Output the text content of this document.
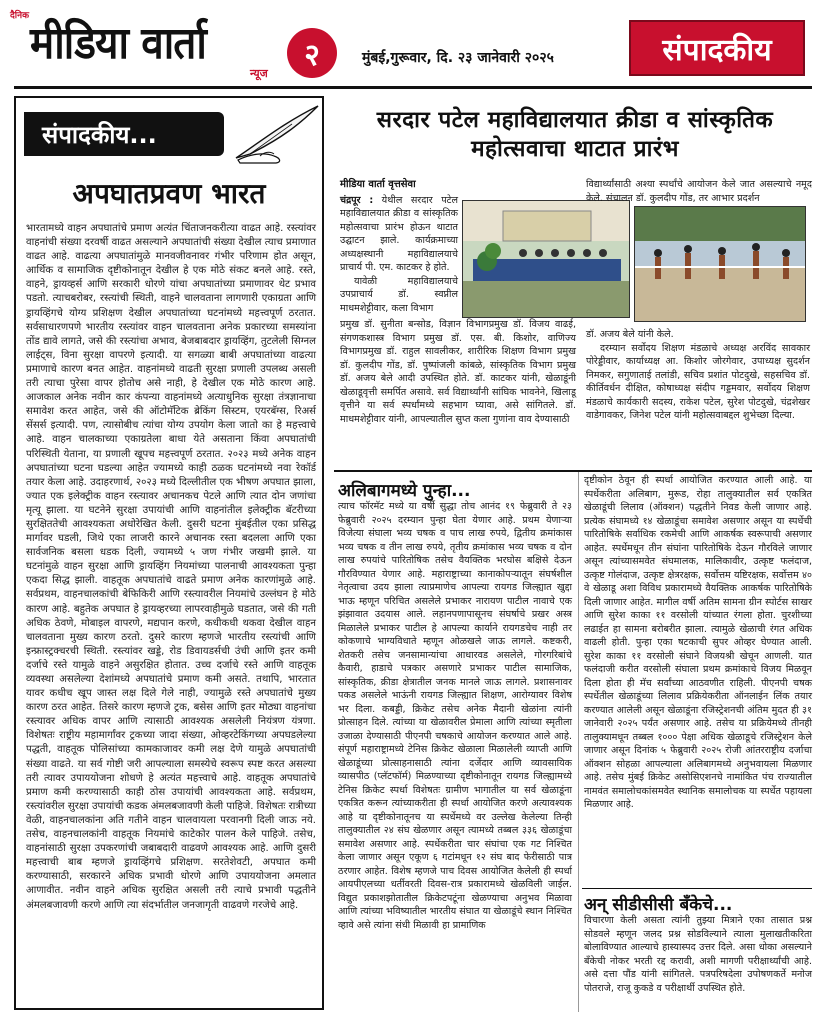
दैनिक
मीडिया वार्ता
न्यूज
२	मुंबई,गुरूवार, दि. २३ जानेवारी २०२५	संपादकीय
संपादकीय...
अपघातप्रवण भारत
भारतामध्ये वाहन अपघातांचे प्रमाण अत्यंत चिंताजनकरीत्या वाढत आहे. रस्त्यांवर वाहनांची संख्या दरवर्षी वाढत असल्याने अपघातांची संख्या देखील त्याच प्रमाणात वाढत आहे. वाढत्या अपघातांमुळे मानवजीवनावर गंभीर परिणाम होत असून, आर्थिक व सामाजिक दृष्टीकोनातून देखील हे एक मोठे संकट बनले आहे. रस्ते, वाहने, ड्रायव्हर्स आणि सरकारी धोरणे यांचा अपघातांच्या प्रमाणावर थेट प्रभाव पडतो. त्याचबरोबर, रस्त्यांची स्थिती, वाहने चालवताना लागणारी एकाग्रता आणि ड्रायव्हिंगचे योग्य प्रशिक्षण देखील अपघातांच्या घटनांमध्ये महत्त्वपूर्ण ठरतात. सर्वसाधारणपणे भारतीय रस्त्यांवर वाहन चालवताना अनेक प्रकारच्या समस्यांना तोंड द्यावे लागते, जसे की रस्त्यांचा अभाव, बेजबाबदार ड्रायव्हिंग, तुटलेली सिग्नल लाईट्स, विना सुरक्षा वापरणे इत्यादी. या सगळ्या बाबी अपघातांच्या वाढत्या प्रमाणाचे कारण बनत आहेत. वाहनांमध्ये वाढती सुरक्षा प्रणाली उपलब्ध असली तरी त्याचा पुरेसा वापर होतोच असे नाही, हे देखील एक मोठे कारण आहे. आजकाल अनेक नवीन कार कंपन्या वाहनांमध्ये अत्याधुनिक सुरक्षा तंत्रज्ञानाचा समावेश करत आहेत, जसे की ऑटोमॅटिक ब्रेकिंग सिस्टम, एयरबॅग्स, रिअर्स सेंसर्स इत्यादी. पण, त्यासोबीच त्यांचा योग्य उपयोग केला जातो का हे महत्त्वाचे आहे. वाहन चालकाच्या एकाग्रतेला बाधा येते असताना किंवा अपघातांची परिस्थिती येताना, या प्रणाली खूपच महत्त्वपूर्ण ठरतात. २०२३ मध्ये अनेक वाहन अपघातांच्या घटना घडल्या आहेत ज्यामध्ये काही ठळक घटनांमध्ये नवा रेकॉर्ड तयार केला आहे. उदाहरणार्थ, २०२३ मध्ये दिल्लीतील एक भीषण अपघात झाला, ज्यात एक इलेक्ट्रीक वाहन रस्त्यावर अचानकच पेटले आणि त्यात दोन जणांचा मृत्यू झाला. या घटनेने सुरक्षा उपायांची आणि वाहनांतील इलेक्ट्रीक बॅटरीच्या सुरक्षिततेची आवश्यकता अधोरेखित केली. दुसरी घटना मुंबईतील एका प्रसिद्ध मार्गावर घडली, जिथे एका लाजरी कारने अचानक रस्ता बदलला आणि एका सार्वजनिक बसला धडक दिली, ज्यामध्ये ५ जण गंभीर जखमी झाले. या घटनांमुळे वाहन सुरक्षा आणि ड्रायव्हिंग नियमांच्या पालनाची आवश्यकता पुन्हा एकदा सिद्ध झाली. वाहतूक अपघातांचे वाढते प्रमाण अनेक कारणांमुळे आहे. सर्वप्रथम, वाहनचालकांची बेफिकिरी आणि रस्त्यावरील नियमांचे उल्लंघन हे मोठे कारण आहे. बहुतेक अपघात हे ड्रायव्हरच्या लापरवाहीमुळे घडतात, जसे की गती अधिक ठेवणे, मोबाइल वापरणे, मद्यपान करणे, कधीकधी थकवा देखील वाहन चालवताना मुख्य कारण ठरतो. दुसरे कारण म्हणजे भारतीय रस्त्यांची आणि इन्फ्रास्ट्रक्चरची स्थिती. रस्त्यांवर खड्डे, रोड डिवायडर्सची उंची आणि इतर कमी दर्जाचे रस्ते यामुळे वाहने असुरक्षित होतात. उच्च दर्जाचे रस्ते आणि वाहतूक व्यवस्था असलेल्या देशांमध्ये अपघातांचे प्रमाण कमी असते. तथापि, भारतात यावर कधीच खूप जास्त लक्ष दिले गेले नाही, ज्यामुळे रस्ते अपघातांचे मुख्य कारण ठरत आहेत. तिसरे कारण म्हणजे ट्रक, बसेस आणि इतर मोठ्या वाहनांचा रस्त्यावर अधिक वापर आणि त्यासाठी आवश्यक असलेली नियंत्रण यंत्रणा. विशेषतः राष्ट्रीय महामार्गांवर ट्रकच्या जादा संख्या, ओव्हरटेकिंगच्या अपघडलेल्या पद्धती, वाहतूक पोलिसांच्या कामकाजावर कमी लक्ष देणे यामुळे अपघातांची संख्या वाढते. या सर्व गोष्टी जरी आपल्याला समस्येचे स्वरूप स्पष्ट करत असल्या तरी त्यावर उपाययोजना शोधणे हे अत्यंत महत्त्वाचे आहे. वाहतूक अपघातांचे प्रमाण कमी करण्यासाठी काही ठोस उपायांची आवश्यकता आहे. सर्वप्रथम, रस्त्यांवरील सुरक्षा उपायांची कडक अंमलबजावणी केली पाहिजे. विशेषतः रात्रीच्या वेळी, वाहनचालकांना अति गतीने वाहन चालवायला परवानगी दिली जाऊ नये. तसेच, वाहनचालकांनी वाहतूक नियमांचे काटेकोर पालन केले पाहिजे. तसेच, वाहनांसाठी सुरक्षा उपकरणांची जबाबदारी वाढवणे आवश्यक आहे. आणि दुसरी महत्त्वाची बाब म्हणजे ड्रायव्हिंगचे प्रशिक्षण. सरतेशेवटी, अपघात कमी करण्यासाठी, सरकारने अधिक प्रभावी धोरणे आणि उपाययोजना अमलात आणावीत. नवीन वाहने अधिक सुरक्षित असली तरी त्याचे प्रभावी पद्धतीने अंमलबजावणी करणे आणि त्या संदर्भातील जनजागृती वाढवणे गरजेचे आहे.
सरदार पटेल महाविद्यालयात क्रीडा व सांस्कृतिक महोत्सवाचा थाटात प्रारंभ
मीडिया वार्ता वृत्तसेवा
चंद्रपूर : येथील सरदार पटेल महाविद्यालयात क्रीडा व सांस्कृतिक महोत्सवाचा प्रारंभ होऊन थाटात उद्घाटन झाले. कार्यक्रमाच्या अध्यक्षस्थानी महाविद्यालयाचे प्राचार्य पी. एम. काटकर हे होते.

यावेळी महाविद्यालयाचे उपप्राचार्य डॉ. स्वप्नील माधमशेट्टीवार, कला विभाग

विद्यार्थ्यांसाठी अश्या स्पर्धांचे आयोजन केले जात असल्याचे नमूद केले. संचालन डॉ. कुलदीप गोंड, तर आभार प्रदर्शन
प्रमुख डॉ. सुनीता बन्सोड, विज्ञान विभागप्रमुख डॉ. विजय वाढई, संगणकशास्त्र विभाग प्रमुख डॉ. एस. बी. किशोर, वाणिज्य विभागप्रमुख डॉ. राहुल सावलीकर, शारीरिक शिक्षण विभाग प्रमुख डॉ. कुलदीप गोंड, डॉ. पुष्पांजली कांबळे, सांस्कृतिक विभाग प्रमुख डॉ. अजय बेले आदी उपस्थित होते. डॉ. काटकर यांनी, खेळाडूंनी खेळाडूवृत्ती समर्पित असावे. सर्व विद्यार्थ्यांनी सांघिक भावनेने, खिलाडू वृत्तीने या सर्व स्पर्धांमध्ये सहभाग घ्यावा, असे सांगितले. डॉ. माधमशेट्टीवार यांनी, आपल्यातील सुप्त कला गुणांना वाव देण्यासाठी
डॉ. अजय बेले यांनी केले.

दरम्यान सर्वोदय शिक्षण मंडळाचे अध्यक्ष अरविंद सावकार पोरेड्डीवार, कार्याध्यक्ष आ. किशोर जोरगेवार, उपाध्यक्ष सुदर्शन निमकर, सगुणाताई तलांडी, सचिव प्रशांत पोटदुखे, सहसचिव डॉ. कीर्तिवर्धन दीक्षित, कोषाध्यक्ष संदीप गड्डमवार, सर्वोदय शिक्षण मंडळाचे कार्यकारी सदस्य, राकेश पटेल, सुरेश पोटदुखे, चंद्रशेखर वाडेगावकर, जिनेश पटेल यांनी महोत्सवाबद्दल शुभेच्छा दिल्या.

अलिबागमध्ये पुन्हा...
त्याच फॉरमॅट मध्ये या वर्षी सुद्धा तोच आनंद १९ फेब्रुवारी ते २३ फेब्रुवारी २०२५ दरम्यान पुन्हा घेता येणार आहे. प्रथम येणाऱ्या विजेत्या संघाला भव्य चषक व पाच लाख रुपये, द्वितीय क्रमांकास भव्य चषक व तीन लाख रुपये, तृतीय क्रमांकास भव्य चषक व दोन लाख रुपयांचे पारितोषिक तसेच वैयक्तिक भरघोस बक्षिसे देऊन गौरविण्यात येणार आहे. महाराष्ट्राच्या कानाकोपऱ्यातून संघर्षशील नेतृत्वाचा उदय झाला त्याप्रमाणेच आपल्या रायगड जिल्ह्यात खुद्दा भाऊ म्हणून परिचित असलेले प्रभाकर नारायण पाटील नावाचे एक झंझावात उदयास आले. लहानपणापासूनच संघर्षाचे प्रखर अस्त्र मिळालेले प्रभाकर पाटील हे आपल्या कार्याने रायगडचेच नाही तर कोकणाचे भाग्यविधाते म्हणून ओळखले जाऊ लागले. कष्टकरी, शेतकरी तसेच जनसामान्यांचा आधारवड असलेले, गोरगरिबांचे कैवारी, हाडाचे पत्रकार असणारे प्रभाकर पाटील सामाजिक, सांस्कृतिक, क्रीडा क्षेत्रातील जनक मानले जाऊ लागले. प्रशासनावर पकड असलेले भाऊंनी रायगड जिल्ह्यात शिक्षण, आरोग्यावर विशेष भर दिला. कबड्डी, क्रिकेट तसेच अनेक मैदानी खेळांना त्यांनी प्रोत्साहन दिले. त्यांच्या या खेळावरील प्रेमाला आणि त्यांच्या स्मृतीला उजाळा देण्यासाठी पीएनपी चषकाचे आयोजन करण्यात आले आहे. संपूर्ण महाराष्ट्रामध्ये टेनिस क्रिकेट खेळाला मिळालेली व्याप्ती आणि खेळाडूंच्या प्रोत्साहनासाठी त्यांना दर्जेदार आणि व्यावसायिक व्यासपीठ (प्लॅटफॉर्म) मिळण्याच्या दृष्टीकोनातून रायगड जिल्ह्यामध्ये टेनिस क्रिकेट स्पर्धा विशेषतः ग्रामीण भागातील या सर्व खेळाडूंना एकत्रित करून त्यांच्याकरीता ही स्पर्धा आयोजित करणे अत्यावश्यक आहे या दृष्टीकोनातूनच या स्पर्धेमध्ये वर उल्लेख केलेल्या तिन्ही तालुक्यातील २४ संघ खेळणार असून त्यामध्ये तब्बल ३३६ खेळाडूंचा समावेश असणार आहे. स्पर्धेकरीता चार संघांचा एक गट निश्चित केला जाणार असून एकूण ६ गटांमधून १२ संघ बाद फेरीसाठी पात्र ठरणार आहेत. विशेष म्हणजे पाच दिवस आयोजित केलेली ही स्पर्धा आयपीएलच्या धर्तीवरती दिवस-रात्र प्रकारामध्ये खेळविली जाईल. विद्युत प्रकाशझोतातील क्रिकेटपटूंना खेळण्याचा अनुभव मिळावा आणि त्यांच्या भविष्यातील भारतीय संघात या खेळाडूंचे स्थान निश्चित व्हावे असे त्यांना संधी मिळावी हा प्रामाणिक
दृष्टीकोन ठेवून ही स्पर्धा आयोजित करण्यात आली आहे. या स्पर्धेकरीता अलिबाग, मुरूड, रोहा तालुक्यातील सर्व एकत्रित खेळाडूंची लिलाव (ऑक्शन) पद्धतीने निवड केली जाणार आहे. प्रत्येक संघामध्ये १४ खेळाडूंचा समावेश असणार असून या स्पर्धेची पारितोषिके सर्वाधिक रकमेची आणि आकर्षक स्वरूपाची असणार आहेत. स्पर्धेमधून तीन संघांना पारितोषिके देऊन गौरविले जाणार असून त्यांच्यासमवेत संघमालक, मालिकावीर, उत्कृष्ट फलंदाज, उत्कृष्ट गोलंदाज, उत्कृष्ट क्षेत्ररक्षक, सर्वोत्तम यष्टिरक्षक, सर्वोत्तम ४० वे खेळाडू अशा विविध प्रकारामध्ये वैयक्तिक आकर्षक पारितोषिके दिली जाणार आहेत. मागील वर्षी अतिम सामना ग्रीन स्पोर्टस साखर आणि सुरेश काका ११ वरसोली यांच्यात रंगला होता. चुरशीच्या लढाईत हा सामना बरोबरीत झाला. त्यामुळे खेळाची रंगत अधिक वाढली होती. पुन्हा एका षटकाची सुपर ओव्हर घेण्यात आली. सुरेश काका ११ वरसोली संघाने विजयश्री खेचून आणली. यात फलंदाजी करीत वरसोली संघाला प्रथम क्रमांकाचे विजय मिळवून दिला होता ही मॅच सर्वांच्या आठवणीत राहिली. पीएनपी चषक स्पर्धेतील खेळाडूंच्या लिलाव प्रक्रियेकरीता ऑनलाईन लिंक तयार करण्यात आलेली असून खेळाडूंना रजिस्ट्रेशनची अंतिम मुदत ही ३१ जानेवारी २०२५ पर्यंत असणार आहे. तसेच या प्रक्रियेमध्ये तीनही तालुक्यामधून तब्बल १००० पेक्षा अधिक खेळाडूचे रजिस्ट्रेशन केले जाणार असून दिनांक ५ फेब्रुवारी २०२५ रोजी आंतरराष्ट्रीय दर्जाचा ऑक्शन सोहळा आपल्याला अलिबागमध्ये अनुभवायला मिळणार आहे. तसेच मुंबई क्रिकेट असोसिएशनचे नामांकित पंच राज्यातील नामवंत समालोचकांसमवेत स्थानिक समालोचक या स्पर्धेत पहायला मिळणार आहे.
अन् सीडीसीसी बँकेचे...
विचारणा केली असता त्यांनी तुझ्या मित्राने एका तासात प्रश्न सोडवले म्हणून जलद प्रश्न सोडविल्याने त्याला मुलाखतीकरिता बोलाविण्यात आल्याचे हास्यास्पद उत्तर दिले. असा धोका असल्याने बँकेची नोकर भरती रद्द करावी, अशी मागणी परीक्षार्थ्यांची आहे. असे दत्ता पौंड यांनी सांगितले. पत्रपरिषदेला उपोषणकर्ते मनोज पोतराजे, राजू कुकडे व परीक्षार्थी उपस्थित होते.
